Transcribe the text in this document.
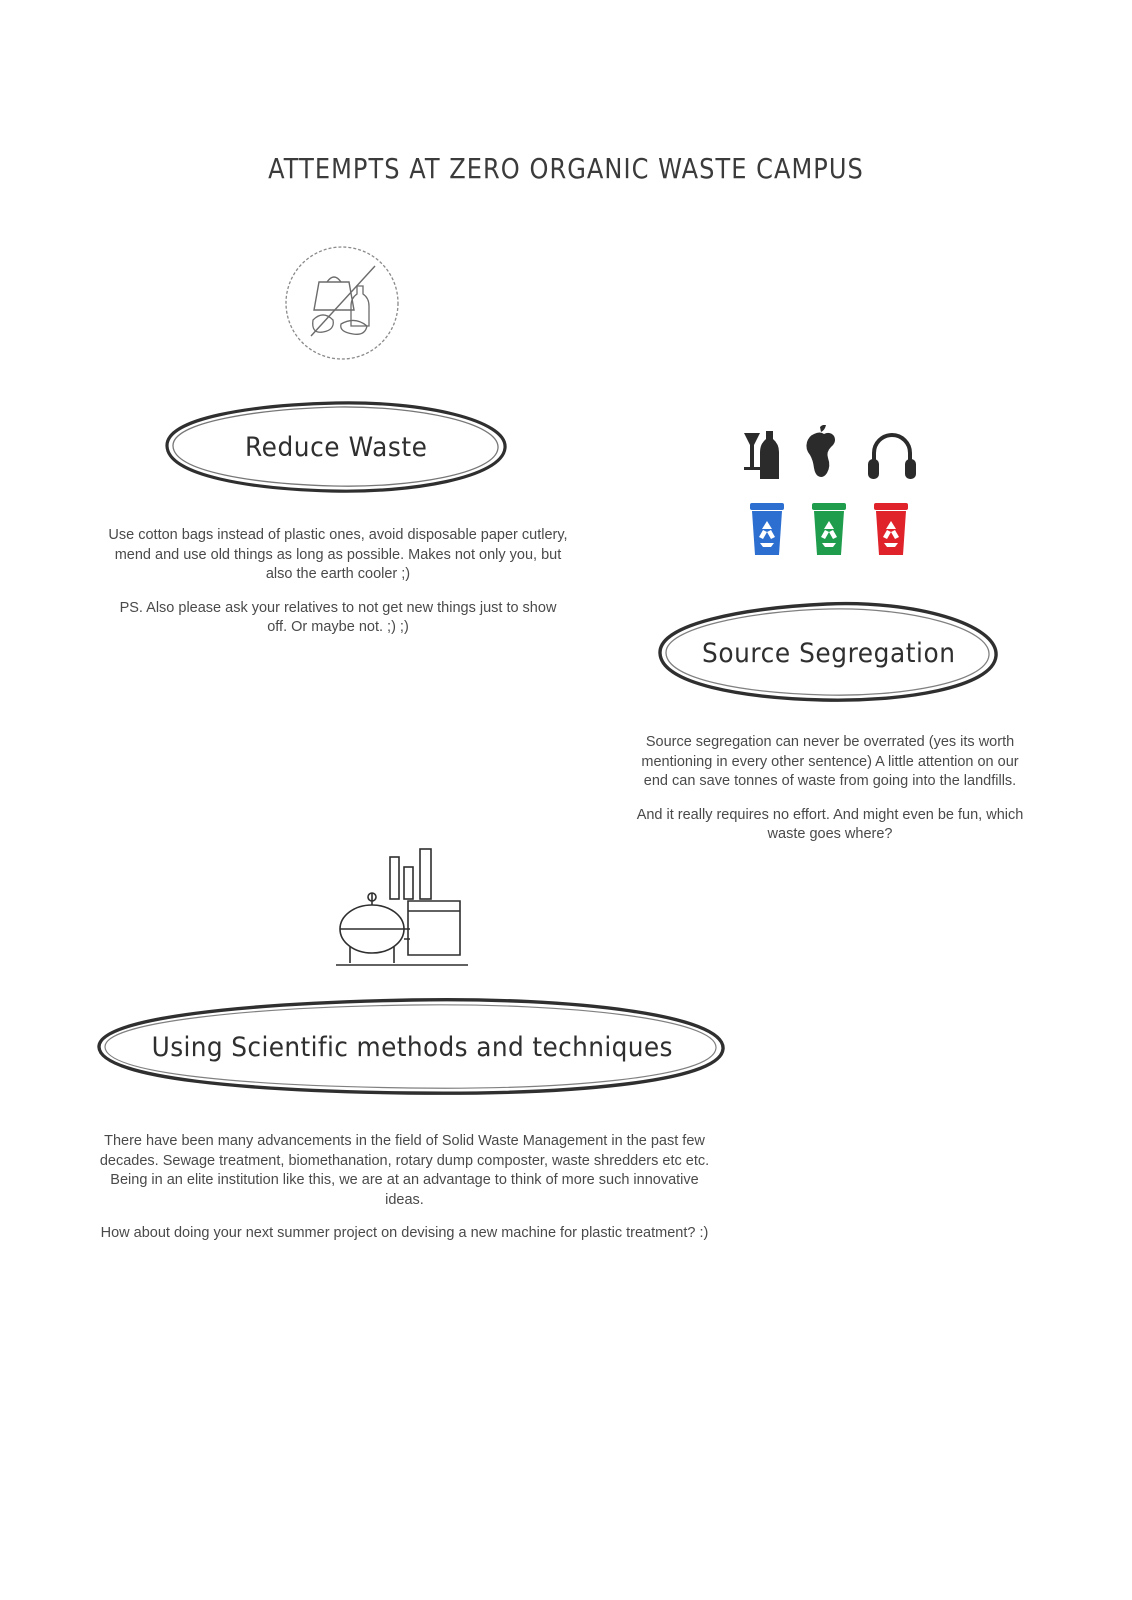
ATTEMPTS AT ZERO ORGANIC WASTE CAMPUS
Reduce Waste

Use cotton bags instead of plastic ones, avoid disposable paper cutlery, mend and use old things as long as possible. Makes not only you, but also the earth cooler ;)

PS. Also please ask your relatives to not get new things just to show off. Or maybe not. ;) ;)

Source Segregation

Source segregation can never be overrated (yes its worth mentioning in every other sentence) A little attention on our end can save tonnes of waste from going into the landfills.

And it really requires no effort. And might even be fun, which waste goes where?

Using Scientific methods and techniques

There have been many advancements in the field of Solid Waste Management in the past few decades. Sewage treatment, biomethanation, rotary dump composter, waste shredders etc etc. Being in an elite institution like this, we are at an advantage to think of more such innovative ideas.

How about doing your next summer project on devising a new machine for plastic treatment? :)
